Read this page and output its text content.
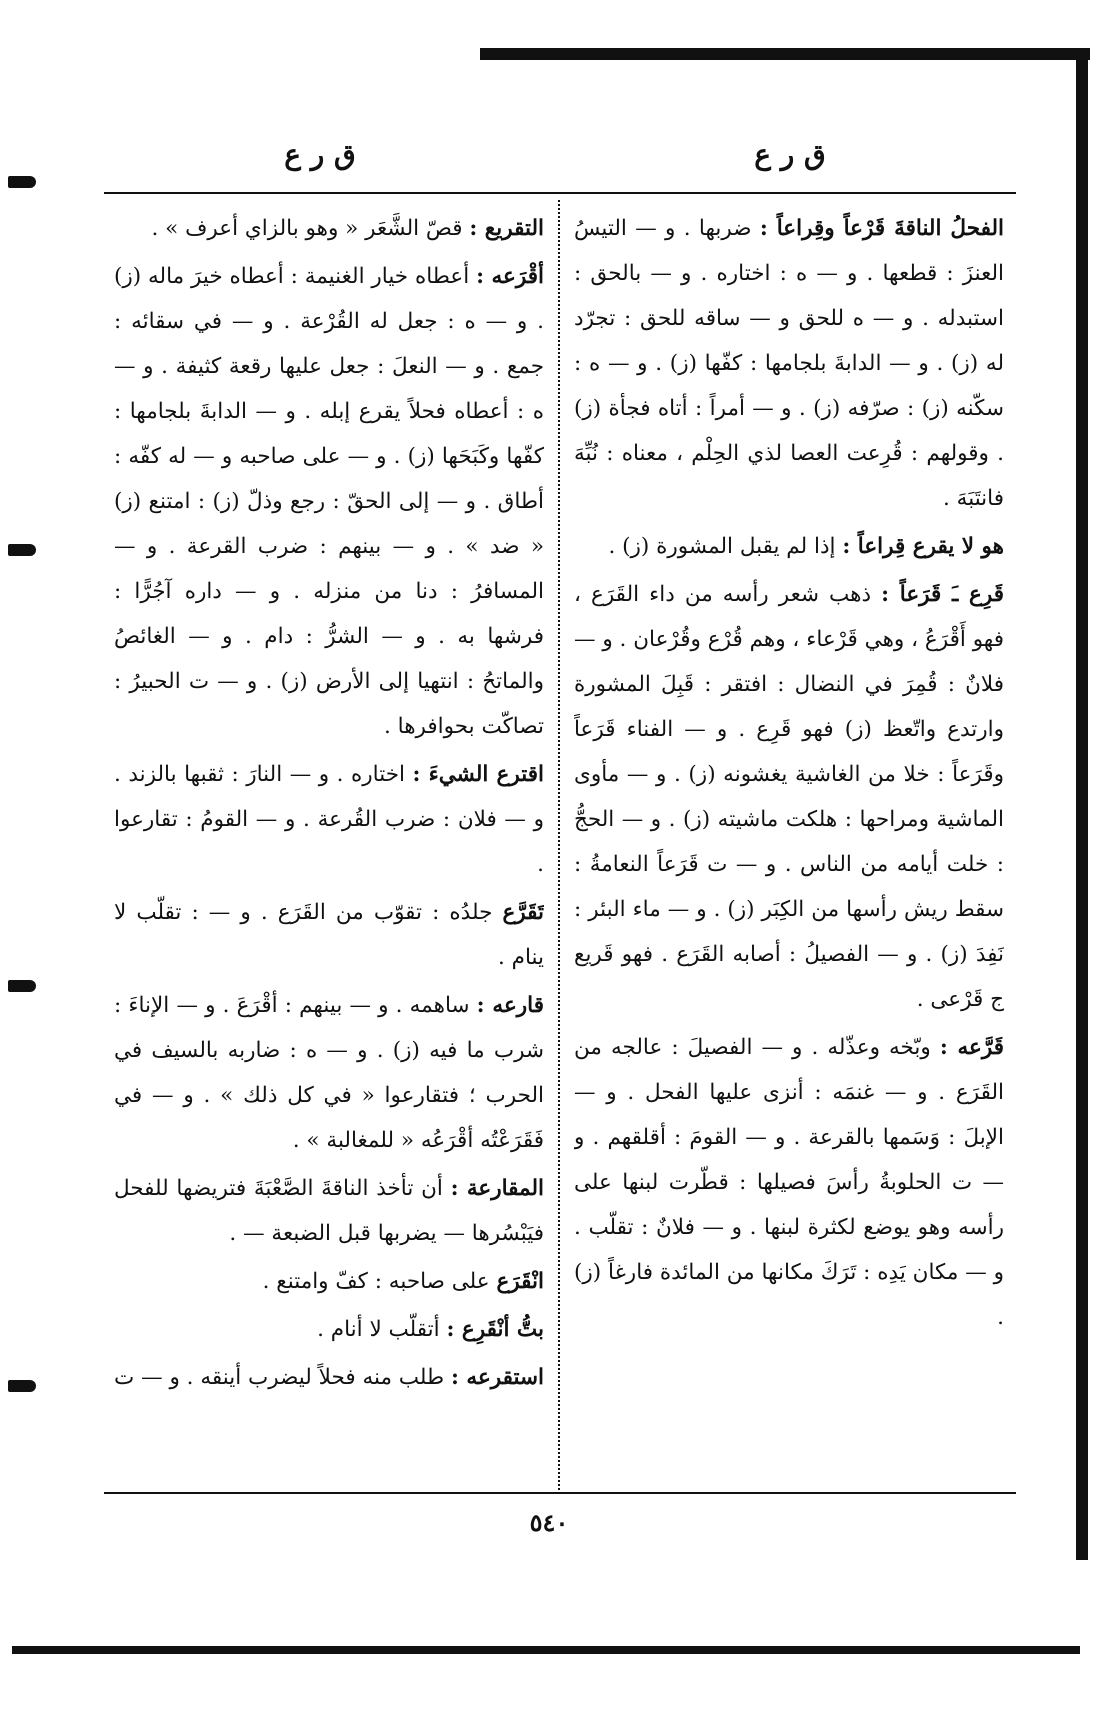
ق ر ع
ق ر ع

الفحلُ الناقةَ قَرْعاً وقِراعاً : ضربها . و — التيسُ العنزَ : قطعها . و — ه : اختاره . و — بالحق : استبدله . و — ه للحق و — ساقه للحق : تجرّد له (ز) . و — الدابةَ بلجامها : كفّها (ز) . و — ه : سكّنه (ز) : صرّفه (ز) . و — أمراً : أتاه فجأة (ز) . وقولهم : قُرِعت العصا لذي الحِلْم ، معناه : نُبِّهَ فانتَبَهَ .

هو لا يقرع قِراعاً : إذا لم يقبل المشورة (ز) .

قَرِع ـَ قَرَعاً : ذهب شعر رأسه من داء القَرَع ، فهو أَقْرَعُ ، وهي قَرْعاء ، وهم قُرْع وقُرْعان . و — فلانٌ : قُمِرَ في النضال : افتقر : قَبِلَ المشورة وارتدع واتّعظ (ز) فهو قَرِع . و — الفناء قَرَعاً وقَرَعاً : خلا من الغاشية يغشونه (ز) . و — مأوى الماشية ومراحها : هلكت ماشيته (ز) . و — الحجُّ : خلت أيامه من الناس . و — ت قَرَعاً النعامةُ : سقط ريش رأسها من الكِبَر (ز) . و — ماء البئر : نَفِدَ (ز) . و — الفصيلُ : أصابه القَرَع . فهو قَريع ج قَرْعى .

قَرَّعه : وبّخه وعذّله . و — الفصيلَ : عالجه من القَرَع . و — غنمَه : أنزى عليها الفحل . و — الإبلَ : وَسَمها بالقرعة . و — القومَ : أقلقهم . و — ت الحلوبةُ رأسَ فصيلها : قطّرت لبنها على رأسه وهو يوضع لكثرة لبنها . و — فلانٌ : تقلّب . و — مكان يَدِه : تَرَكَ مكانها من المائدة فارغاً (ز) .

التقريع : قصّ الشَّعَر « وهو بالزاي أعرف » .

أقْرَعه : أعطاه خيار الغنيمة : أعطاه خيرَ ماله (ز) . و — ه : جعل له القُرْعة . و — في سقائه : جمع . و — النعلَ : جعل عليها رقعة كثيفة . و — ه : أعطاه فحلاً يقرع إبله . و — الدابةَ بلجامها : كفّها وكَبَحَها (ز) . و — على صاحبه و — له كفّه : أطاق . و — إلى الحقّ : رجع وذلّ (ز) : امتنع (ز) « ضد » . و — بينهم : ضرب القرعة . و — المسافرُ : دنا من منزله . و — داره آجُرًّا : فرشها به . و — الشرُّ : دام . و — الغائصُ والماتحُ : انتهيا إلى الأرض (ز) . و — ت الحبيرُ : تصاكّت بحوافرها .

اقترع الشيءَ : اختاره . و — النارَ : ثقبها بالزند . و — فلان : ضرب القُرعة . و — القومُ : تقارعوا .

تَقَرَّع جلدُه : تقوّب من القَرَع . و — : تقلّب لا ينام .

قارعه : ساهمه . و — بينهم : أقْرَعَ . و — الإناءَ : شرب ما فيه (ز) . و — ه : ضاربه بالسيف في الحرب ؛ فتقارعوا « في كل ذلك » . و — في فَقَرَعْتُه أقْرَعُه « للمغالبة » .

المقارعة : أن تأخذ الناقةَ الصَّعْبَةَ فتريضها للفحل فيَبْسُرها — يضربها قبل الضبعة — .

انْقَرَع على صاحبه : كفّ وامتنع .

بتُّ أنْقَرِع : أتقلّب لا أنام .

استقرعه : طلب منه فحلاً ليضرب أينقه . و — ت

٥٤٠
